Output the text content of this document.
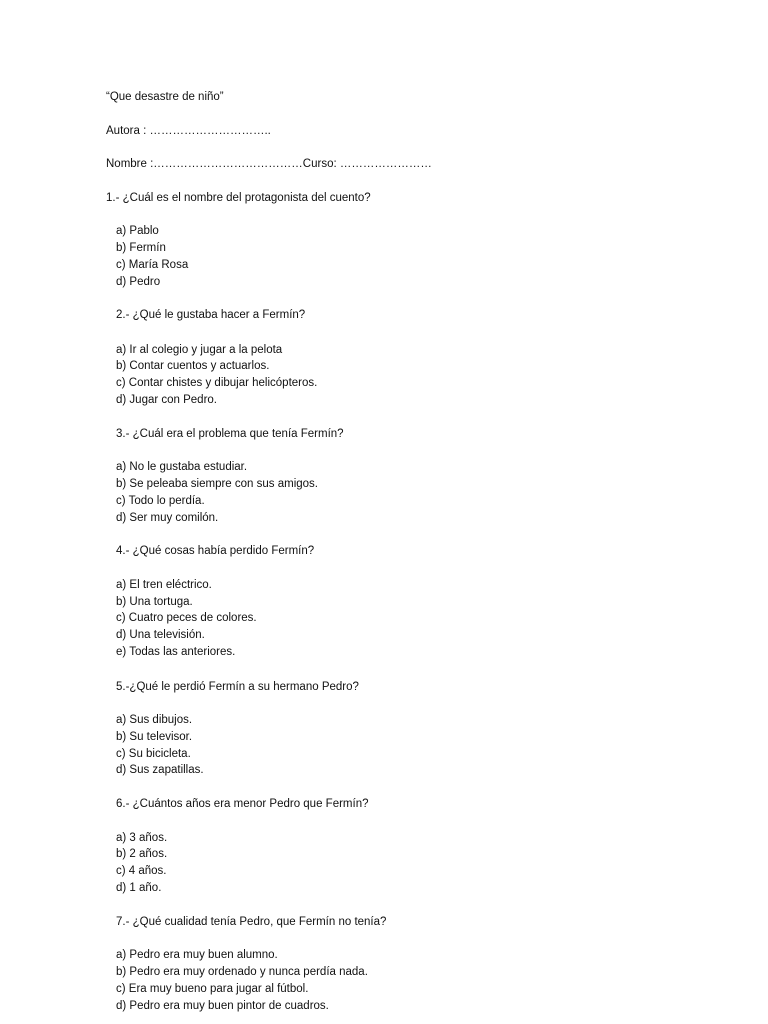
“Que desastre de niño”
Autora : …………………………..
Nombre :…………………………………Curso: ……………………
1.- ¿Cuál es el nombre del protagonista del cuento?
a) Pablo
b) Fermín
c) María Rosa
d) Pedro
2.- ¿Qué le gustaba hacer a Fermín?
a) Ir al colegio y jugar a la pelota
b) Contar cuentos y actuarlos.
c) Contar chistes y dibujar helicópteros.
d) Jugar con Pedro.
3.- ¿Cuál era el problema que tenía Fermín?
a) No le gustaba estudiar.
b) Se peleaba siempre con sus amigos.
c) Todo lo perdía.
d) Ser muy comilón.
4.- ¿Qué cosas había perdido Fermín?
a) El tren eléctrico.
b) Una tortuga.
c) Cuatro peces de colores.
d) Una televisión.
e) Todas las anteriores.
5.-¿Qué le perdió Fermín a su hermano Pedro?
a) Sus dibujos.
b) Su televisor.
c) Su bicicleta.
d) Sus zapatillas.
6.- ¿Cuántos años era menor Pedro que Fermín?
a) 3 años.
b) 2 años.
c) 4 años.
d) 1 año.
7.- ¿Qué cualidad tenía Pedro, que Fermín no tenía?
a) Pedro era muy buen alumno.
b) Pedro era muy ordenado y nunca perdía nada.
c) Era muy bueno para jugar al fútbol.
d) Pedro era muy buen pintor de cuadros.
